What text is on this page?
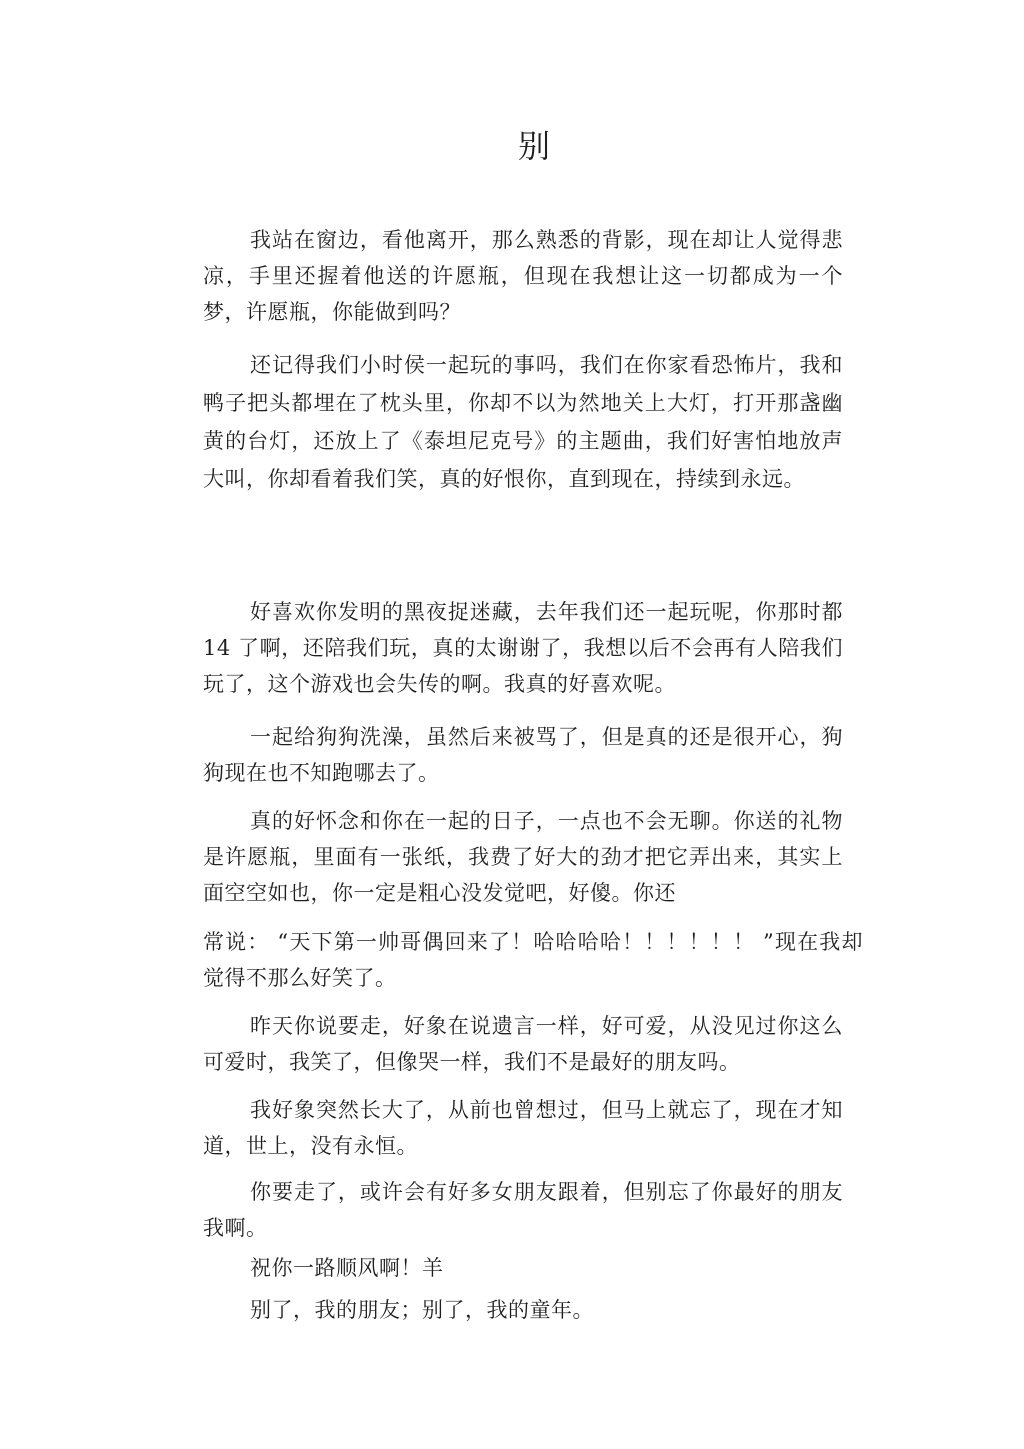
别

我站在窗边，看他离开，那么熟悉的背影，现在却让人觉得悲凉，手里还握着他送的许愿瓶，但现在我想让这一切都成为一个梦，许愿瓶，你能做到吗？

还记得我们小时侯一起玩的事吗，我们在你家看恐怖片，我和鸭子把头都埋在了枕头里，你却不以为然地关上大灯，打开那盏幽黄的台灯，还放上了《泰坦尼克号》的主题曲，我们好害怕地放声大叫，你却看着我们笑，真的好恨你，直到现在，持续到永远。

好喜欢你发明的黑夜捉迷藏，去年我们还一起玩呢，你那时都 14 了啊，还陪我们玩，真的太谢谢了，我想以后不会再有人陪我们玩了，这个游戏也会失传的啊。我真的好喜欢呢。

一起给狗狗洗澡，虽然后来被骂了，但是真的还是很开心，狗狗现在也不知跑哪去了。

真的好怀念和你在一起的日子，一点也不会无聊。你送的礼物是许愿瓶，里面有一张纸，我费了好大的劲才把它弄出来，其实上面空空如也，你一定是粗心没发觉吧，好傻。你还

常说： “天下第一帅哥偶回来了！哈哈哈哈！！！！！！ ”现在我却觉得不那么好笑了。

昨天你说要走，好象在说遗言一样，好可爱，从没见过你这么可爱时，我笑了，但像哭一样，我们不是最好的朋友吗。

我好象突然长大了，从前也曾想过，但马上就忘了，现在才知道，世上，没有永恒。

你要走了，或许会有好多女朋友跟着，但别忘了你最好的朋友我啊。

祝你一路顺风啊！羊

别了，我的朋友；别了，我的童年。
